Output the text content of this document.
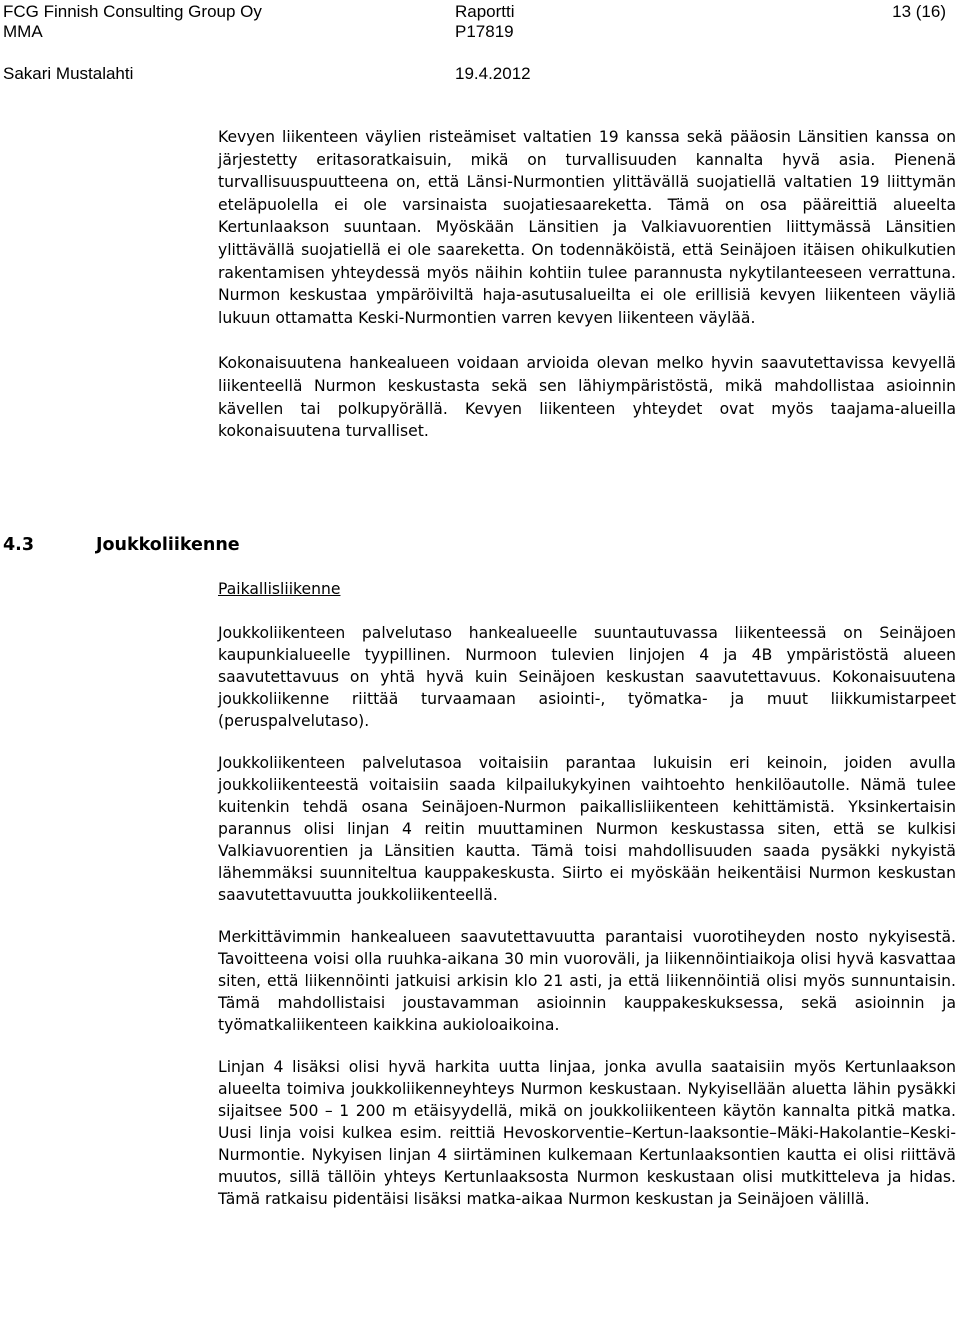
FCG Finnish Consulting Group Oy	Raportti	13 (16)
MMA	P17819
Sakari Mustalahti	19.4.2012

Kevyen liikenteen väylien risteämiset valtatien 19 kanssa sekä pääosin Länsitien kanssa on järjestetty eritasoratkaisuin, mikä on turvallisuuden kannalta hyvä asia. Pienenä turvallisuuspuutteena on, että Länsi-Nurmontien ylittävällä suojatiellä valtatien 19 liittymän eteläpuolella ei ole varsinaista suojatiesaareketta. Tämä on osa pääreittiä alueelta Kertunlaakson suuntaan. Myöskään Länsitien ja Valkiavuorentien liittymässä Länsitien ylittävällä suojatiellä ei ole saareketta. On todennäköistä, että Seinäjoen itäisen ohikulkutien rakentamisen yhteydessä myös näihin kohtiin tulee parannusta nykytilanteeseen verrattuna. Nurmon keskustaa ympäröiviltä haja-asutusalueilta ei ole erillisiä kevyen liikenteen väyliä lukuun ottamatta Keski-Nurmontien varren kevyen liikenteen väylää.

Kokonaisuutena hankealueen voidaan arvioida olevan melko hyvin saavutettavissa kevyellä liikenteellä Nurmon keskustasta sekä sen lähiympäristöstä, mikä mahdollistaa asioinnin kävellen tai polkupyörällä. Kevyen liikenteen yhteydet ovat myös taajama-alueilla kokonaisuutena turvalliset.

4.3	Joukkoliikenne
Paikallisliikenne

Joukkoliikenteen palvelutaso hankealueelle suuntautuvassa liikenteessä on Seinäjoen kaupunkialueelle tyypillinen. Nurmoon tulevien linjojen 4 ja 4B ympäristöstä alueen saavutettavuus on yhtä hyvä kuin Seinäjoen keskustan saavutettavuus. Kokonaisuutena joukkoliikenne riittää turvaamaan asiointi-, työmatka- ja muut liikkumistarpeet (peruspalvelutaso).

Joukkoliikenteen palvelutasoa voitaisiin parantaa lukuisin eri keinoin, joiden avulla joukkoliikenteestä voitaisiin saada kilpailukykyinen vaihtoehto henkilöautolle. Nämä tulee kuitenkin tehdä osana Seinäjoen-Nurmon paikallisliikenteen kehittämistä. Yksinkertaisin parannus olisi linjan 4 reitin muuttaminen Nurmon keskustassa siten, että se kulkisi Valkiavuorentien ja Länsitien kautta. Tämä toisi mahdollisuuden saada pysäkki nykyistä lähemmäksi suunniteltua kauppakeskusta. Siirto ei myöskään heikentäisi Nurmon keskustan saavutettavuutta joukkoliikenteellä.

Merkittävimmin hankealueen saavutettavuutta parantaisi vuorotiheyden nosto nykyisestä. Tavoitteena voisi olla ruuhka-aikana 30 min vuoroväli, ja liikennöintiaikoja olisi hyvä kasvattaa siten, että liikennöinti jatkuisi arkisin klo 21 asti, ja että liikennöintiä olisi myös sunnuntaisin. Tämä mahdollistaisi joustavamman asioinnin kauppakeskuksessa, sekä asioinnin ja työmatkaliikenteen kaikkina aukioloaikoina.

Linjan 4 lisäksi olisi hyvä harkita uutta linjaa, jonka avulla saataisiin myös Kertunlaakson alueelta toimiva joukkoliikenneyhteys Nurmon keskustaan. Nykyisellään aluetta lähin pysäkki sijaitsee 500 – 1 200 m etäisyydellä, mikä on joukkoliikenteen käytön kannalta pitkä matka. Uusi linja voisi kulkea esim. reittiä Hevoskorventie–Kertun-laaksontie–Mäki-Hakolantie–Keski-Nurmontie. Nykyisen linjan 4 siirtäminen kulkemaan Kertunlaaksontien kautta ei olisi riittävä muutos, sillä tällöin yhteys Kertunlaaksosta Nurmon keskustaan olisi mutkitteleva ja hidas. Tämä ratkaisu pidentäisi lisäksi matka-aikaa Nurmon keskustan ja Seinäjoen välillä.
